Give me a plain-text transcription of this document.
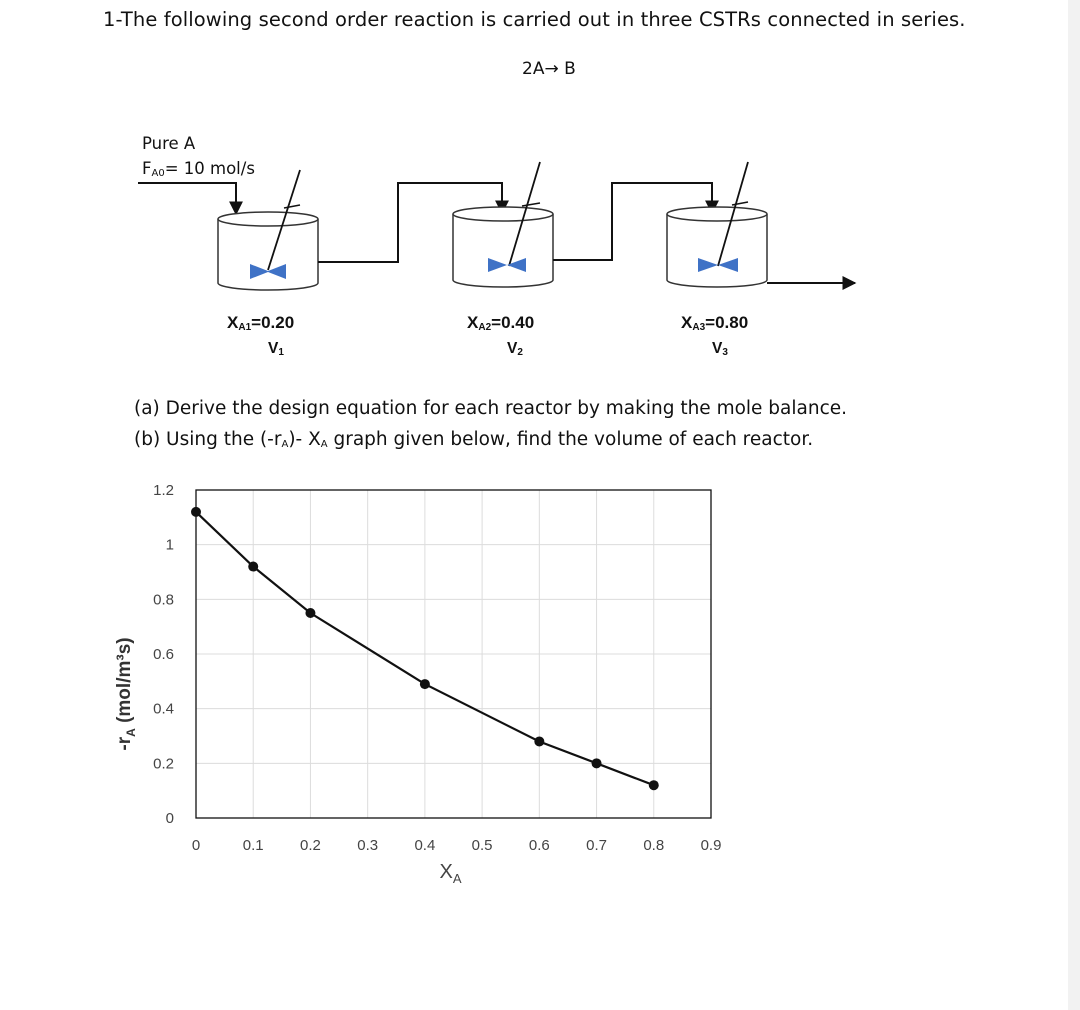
1-The following second order reaction is carried out in three CSTRs connected in series.
2A→ B
Pure A
$F_{A0}= 10$ mol/s
$X_{A1}=0.20$
$V_1$
$X_{A2}=0.40$
$V_2$
$X_{A3}=0.80$
$V_3$
(a) Derive the design equation for each reactor by making the mole balance.
(b) Using the $(-r_A)-$ $X_A$ graph given below, find the volume of each reactor.
0	0.1 0.2 0.3 0.4 0.5 0.6 0.7 0.8 0.9
0
0.2
0.4
0.6
0.8
1
1.2
$X_A$
$-r_A$ (mol/m³s)
